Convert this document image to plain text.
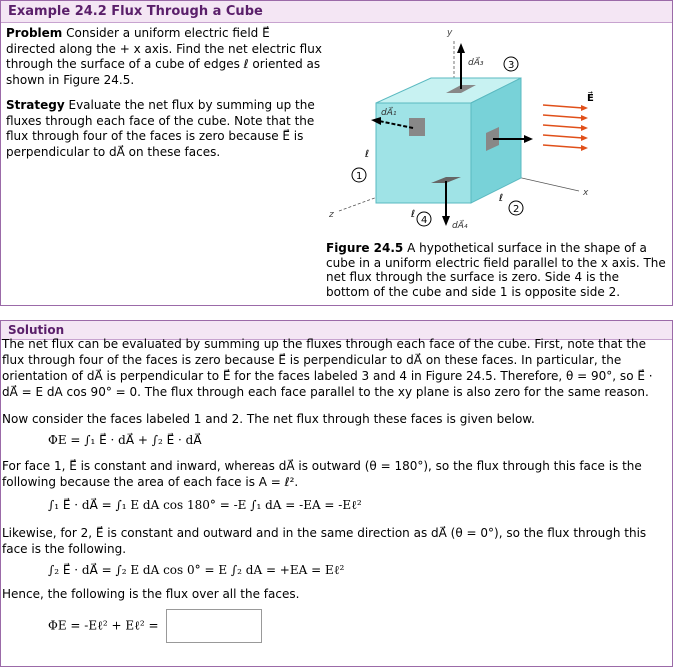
Example 24.2 Flux Through a Cube

Problem Consider a uniform electric field E⃗ directed along the + x axis. Find the net electric flux through the surface of a cube of edges ℓ oriented as shown in Figure 24.5.

Strategy Evaluate the net flux by summing up the fluxes through each face of the cube. Note that the flux through four of the faces is zero because E⃗ is perpendicular to dA⃗ on these faces.

y
x
z
dA⃗₃
dA⃗₁
dA⃗₂
dA⃗₄
E⃗
ℓ
ℓ
ℓ
3
1
4
2

Figure 24.5 A hypothetical surface in the shape of a cube in a uniform electric field parallel to the x axis. The net flux through the surface is zero. Side 4 is the bottom of the cube and side 1 is opposite side 2.

Solution

The net flux can be evaluated by summing up the fluxes through each face of the cube. First, note that the flux through four of the faces is zero because E⃗ is perpendicular to dA⃗ on these faces. In particular, the orientation of dA⃗ is perpendicular to E⃗ for the faces labeled 3 and 4 in Figure 24.5. Therefore, θ = 90°, so E⃗ · dA⃗ = E dA cos 90° = 0. The flux through each face parallel to the xy plane is also zero for the same reason.

Now consider the faces labeled 1 and 2. The net flux through these faces is given below.

ΦE = ∫₁ E⃗ · dA⃗ + ∫₂ E⃗ · dA⃗

For face 1, E⃗ is constant and inward, whereas dA⃗ is outward (θ = 180°), so the flux through this face is the following because the area of each face is A = ℓ².

∫₁ E⃗ · dA⃗ = ∫₁ E dA cos 180° = -E ∫₁ dA = -EA = -Eℓ²

Likewise, for 2, E⃗ is constant and outward and in the same direction as dA⃗ (θ = 0°), so the flux through this face is the following.

∫₂ E⃗ · dA⃗ = ∫₂ E dA cos 0° = E ∫₂ dA = +EA = Eℓ²

Hence, the following is the flux over all the faces.

ΦE = -Eℓ² + Eℓ² =
